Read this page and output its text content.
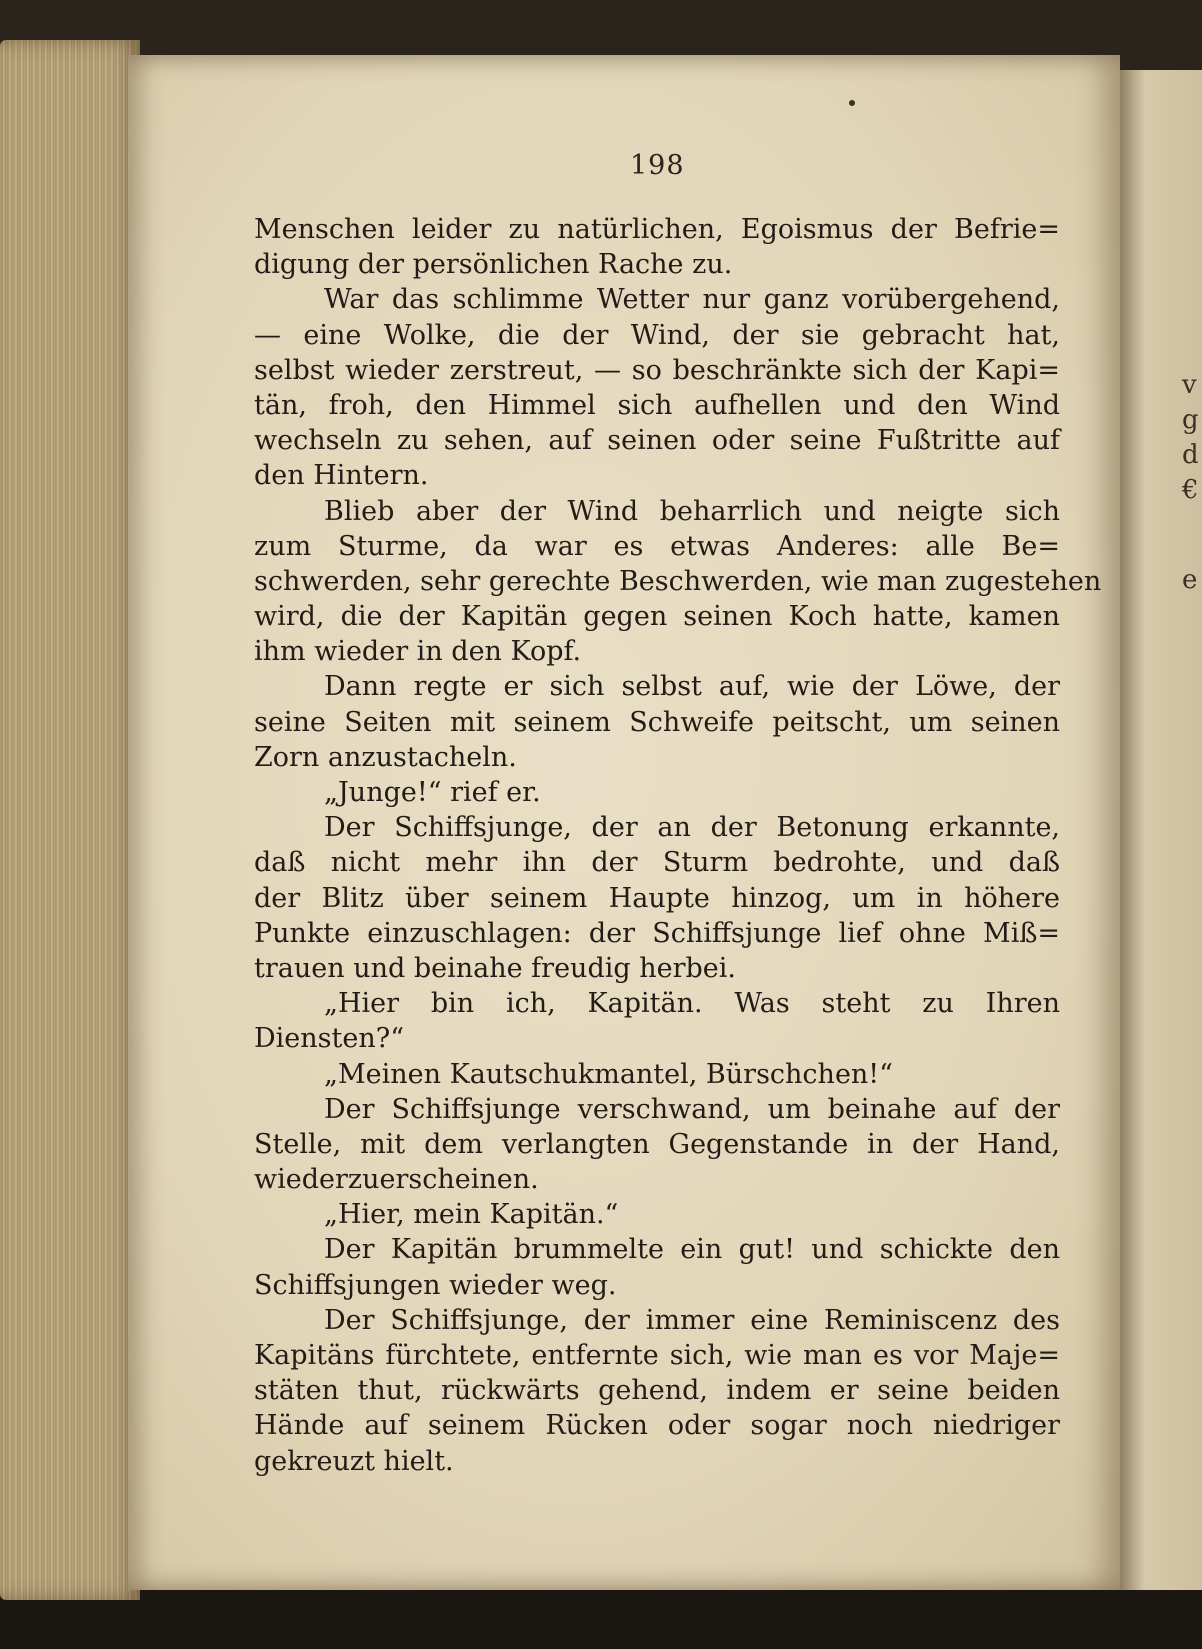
v
g
d
€
e
198
Menschen leider zu natürlichen, Egoismus der Befrie=
digung der persönlichen Rache zu.
War das schlimme Wetter nur ganz vorübergehend,
— eine Wolke, die der Wind, der sie gebracht hat,
selbst wieder zerstreut, — so beschränkte sich der Kapi=
tän, froh, den Himmel sich aufhellen und den Wind
wechseln zu sehen, auf seinen oder seine Fußtritte auf
den Hintern.
Blieb aber der Wind beharrlich und neigte sich
zum Sturme, da war es etwas Anderes: alle Be=
schwerden, sehr gerechte Beschwerden, wie man zugestehen
wird, die der Kapitän gegen seinen Koch hatte, kamen
ihm wieder in den Kopf.
Dann regte er sich selbst auf, wie der Löwe, der
seine Seiten mit seinem Schweife peitscht, um seinen
Zorn anzustacheln.
„Junge!“ rief er.
Der Schiffsjunge, der an der Betonung erkannte,
daß nicht mehr ihn der Sturm bedrohte, und daß
der Blitz über seinem Haupte hinzog, um in höhere
Punkte einzuschlagen: der Schiffsjunge lief ohne Miß=
trauen und beinahe freudig herbei.
„Hier bin ich, Kapitän. Was steht zu Ihren
Diensten?“
„Meinen Kautschukmantel, Bürschchen!“
Der Schiffsjunge verschwand, um beinahe auf der
Stelle, mit dem verlangten Gegenstande in der Hand,
wiederzuerscheinen.
„Hier, mein Kapitän.“
Der Kapitän brummelte ein gut! und schickte den
Schiffsjungen wieder weg.
Der Schiffsjunge, der immer eine Reminiscenz des
Kapitäns fürchtete, entfernte sich, wie man es vor Maje=
stäten thut, rückwärts gehend, indem er seine beiden
Hände auf seinem Rücken oder sogar noch niedriger
gekreuzt hielt.
